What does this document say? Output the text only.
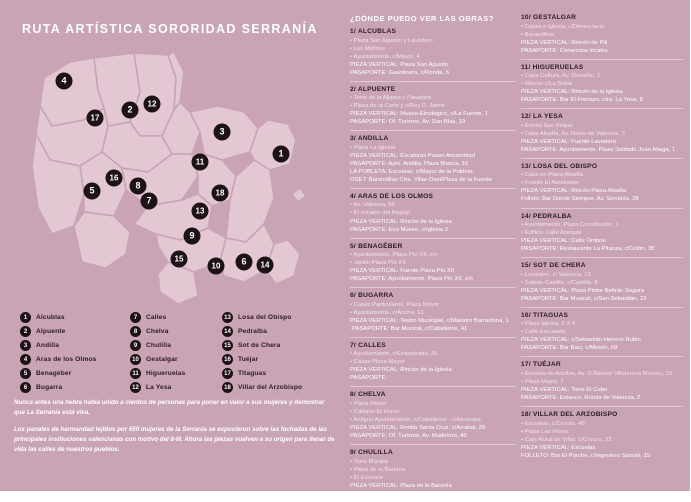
RUTA ARTÍSTICA SORORIDAD SERRANÍA
4
17
2
12
3
1
11
16
8
5
7
18
13
9
15
10	6	14
1	Alcublas
2	Alpuente
3	Andilla
4	Aras de los Olmos
5	Benagéber
6	Bugarra
7	Calles
8	Chelva
9	Chulilla
10	Gestalgar
11	Higueruelas
12	La Yesa
13	Losa del Obispo
14	Pedralba
15	Sot de Chera
16	Tuéjar
17	Titaguas
18	Villar del Arzobispo

Nunca antes una hebra había unido a cientos de personas para poner en valor a sus mujeres y demostrar que La Serranía está viva.

Los panales de hermandad tejidos por 650 mujeres de la Serranía se expusieron sobre las fachadas de las principales instituciones valencianas con motivo del 8-M. Ahora las piezas vuelven a su origen para llenar de vida las calles de nuestros pueblos.

¿DÓNDE PUEDO VER LAS OBRAS?
1/ ALCUBLAS
• Plaza San Agustín y Lavadero
• Los Molinos
• Ayuntamiento, c/Mayor, 4
PIEZA VERTICAL: Plaza San Agustín
PASAPORTE: Gasolinera, c/Ronda, 6
2/ ALPUENTE
• Torre de la Aljama y Pasadizo
• Plaza de la Corte y c/Rey D. Jaime
PIEZA VERTICAL: Museo Etnológico, c/La Fuente, 1
PASAPORTE: Of. Turismo, Av. San Blas, 19
3/ ANDILLA
• Plaza La Iglesia
PIEZA VERTICAL: Escaleras Paseo Ancianidad
PASAPORTE: Ayto. Andilla, Plaza Blanca, 16
LA POBLETA: Escuelas, c/Mayor de la Pobleta
OSET: Barandillas Ctra. Villar-Oset/Plaza de la Fuente
4/ ARAS DE LOS OLMOS
• Av. Valencia, 56
• El mirador del Regajo
PIEZA VERTICAL: Rincón de la Iglesia
PASAPORTE: Eco Museo, c/Iglesia 2
5/ BENAGÉBER
• Ayuntamiento, Plaza Pío XII, s/n
• Jardín Plaza Pío XII
PIEZA VERTICAL: Fuente Plaza Pío XII
PASAPORTE: Ayuntamiento, Plaza Pío XII, s/n
6/ BUGARRA
• Casas Particulares, Plaza Mayor
• Ayuntamiento, c/Ancha, 13
PIEZA VERTICAL: Teatro Municipal, c/Maestro Barrachina, 1
·PASAPORTE: Bar Musical, c/Caballeros, 41
7/ CALLES
• Ayuntamiento, c/Empedrado, 35
• Casas Plaza Mayor
PIEZA VERTICAL: Rincón de la Iglesia
PASAPORTE:
8/ CHELVA
• Plaza Mayor
• Callejón El Horno
• Antiguo Ayuntamiento, c/Caballeros - c/Alcazaba
PIEZA VERTICAL: Ermita Santa Cruz, c/Arrabal, 29
PASAPORTE: Of. Turismo, Av. Maderero, 40
9/ CHULILLA
• Torre Muralla
• Plaza de la Baronía
• El Esconce
PIEZA VERTICAL: Plaza de la Baronía
PASAPORTE: Bar La Baronía, Plaza Baronía,6
10/ GESTALGAR
• Casas e Iglesia, c/Democracia
• Barandillas
PIEZA VERTICAL: Rincón de Pili
PASAPORTE: Comercios locales
11/ HIGUERUELAS
• Casa Cultura, Av. Domeño, 1
• Rincón c/La Balsa
PIEZA VERTICAL: Rincón de la Iglesia
PASAPORTE: Bar El Frenazo, ctra. La Yesa, 8
12/ LA YESA
• Ermita San Roque
• Casa Abadía, Av. Reino de Valencia, 3
PIEZA VERTICAL: Fuente Lavadero
PASAPORTE: Ayuntamiento, Plaza Soldado Juan Aliaga, 1
13/ LOSA DEL OBISPO
• Casa en Plaza Abadía
• Fuente El Abrebador
PIEZA VERTICAL: Rincón Plaza Abadía
Folleto: Bar Donde Siempre, Av. Serranía, 38
14/ PEDRALBA
• Ayuntamiento, Plaza Constitución, 1
• Edificio Calle Acequia
PIEZA VERTICAL: Calle Ombria
PASAPORTE: Restaurante La Pitanza, c/Colón, 38
15/ SOT DE CHERA
• Lavadero, c/ Valencia, 13
• Subida Castillo, c/Castillo, 8
PIEZA VERTICAL: Plaza Pintor Beltrán Segura
PASAPORTE: Bar Musical, c/San Sebastián, 22
16/ TITAGUAS
• Plaza Iglesia, 2-3-4
• Calle Escusado
PIEZA VERTICAL: c/Sebastián Herrero Rubio
PASAPORTE: Bar Baci, c/Mesón, 68
17/ TUÉJAR
• Escuela de Adultos, Av. D.Ramón Villanueva Moreno, 15
• Plaza Mayor, 7
PIEZA VERTICAL: Torre El Cubo
PASAPORTE: Estanco, Ronda de Valencia, 2
18/ VILLAR DEL ARZOBISPO
• Escuelas, c/Cruces, 46
• Plaza Las Flores
• Caja Rural de Villar, c/Cruces, 33
PIEZA VERTICAL: Escuelas
FOLLETO: Bar El Porche, c/Ingeniero Samart, 15
